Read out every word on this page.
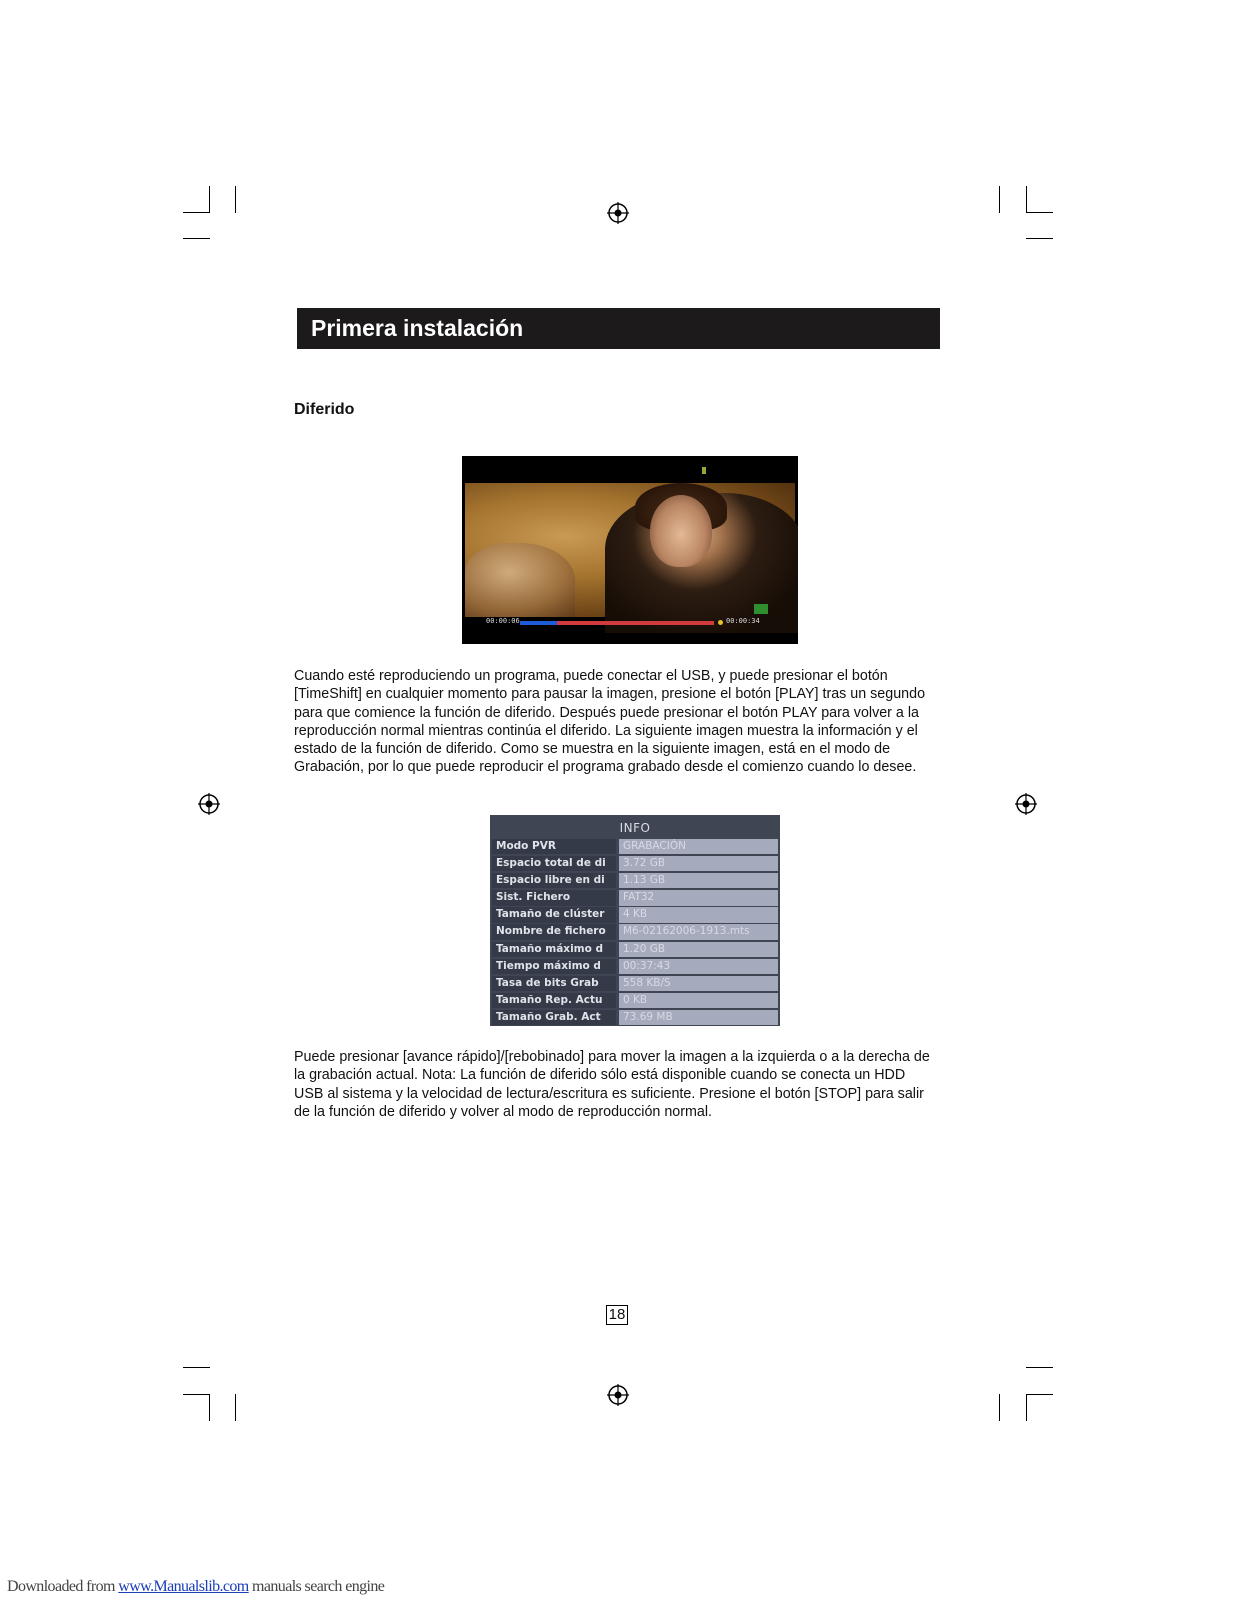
Primera instalación
Diferido
00:00:06	00:00:34

Cuando esté reproduciendo un programa, puede conectar el USB, y puede presionar el botón [TimeShift] en cualquier momento para pausar la imagen, presione el botón [PLAY] tras un segundo para que comience la función de diferido. Después puede presionar el botón PLAY para volver a la reproducción normal mientras continúa el diferido. La siguiente imagen muestra la información y el estado de la función de diferido. Como se muestra en la siguiente imagen, está en el modo de Grabación, por lo que puede reproducir el programa grabado desde el comienzo cuando lo desee.

INFO
Modo PVR	GRABACIÓN
Espacio total de di	3.72 GB
Espacio libre en di	1.13 GB
Sist. Fichero	FAT32
Tamaño de clúster	4 KB
Nombre de fichero	M6-02162006-1913.mts
Tamaño máximo d	1.20 GB
Tiempo máximo d	00:37:43
Tasa de bits Grab	558 KB/S
Tamaño Rep. Actu	0 KB
Tamaño Grab. Act	73.69 MB

Puede presionar [avance rápido]/[rebobinado] para mover la imagen a la izquierda o a la derecha de la grabación actual. Nota: La función de diferido sólo está disponible cuando se conecta un HDD USB al sistema y la velocidad de lectura/escritura es suficiente. Presione el botón [STOP] para salir de la función de diferido y volver al modo de reproducción normal.

18
Downloaded from www.Manualslib.com manuals search engine
